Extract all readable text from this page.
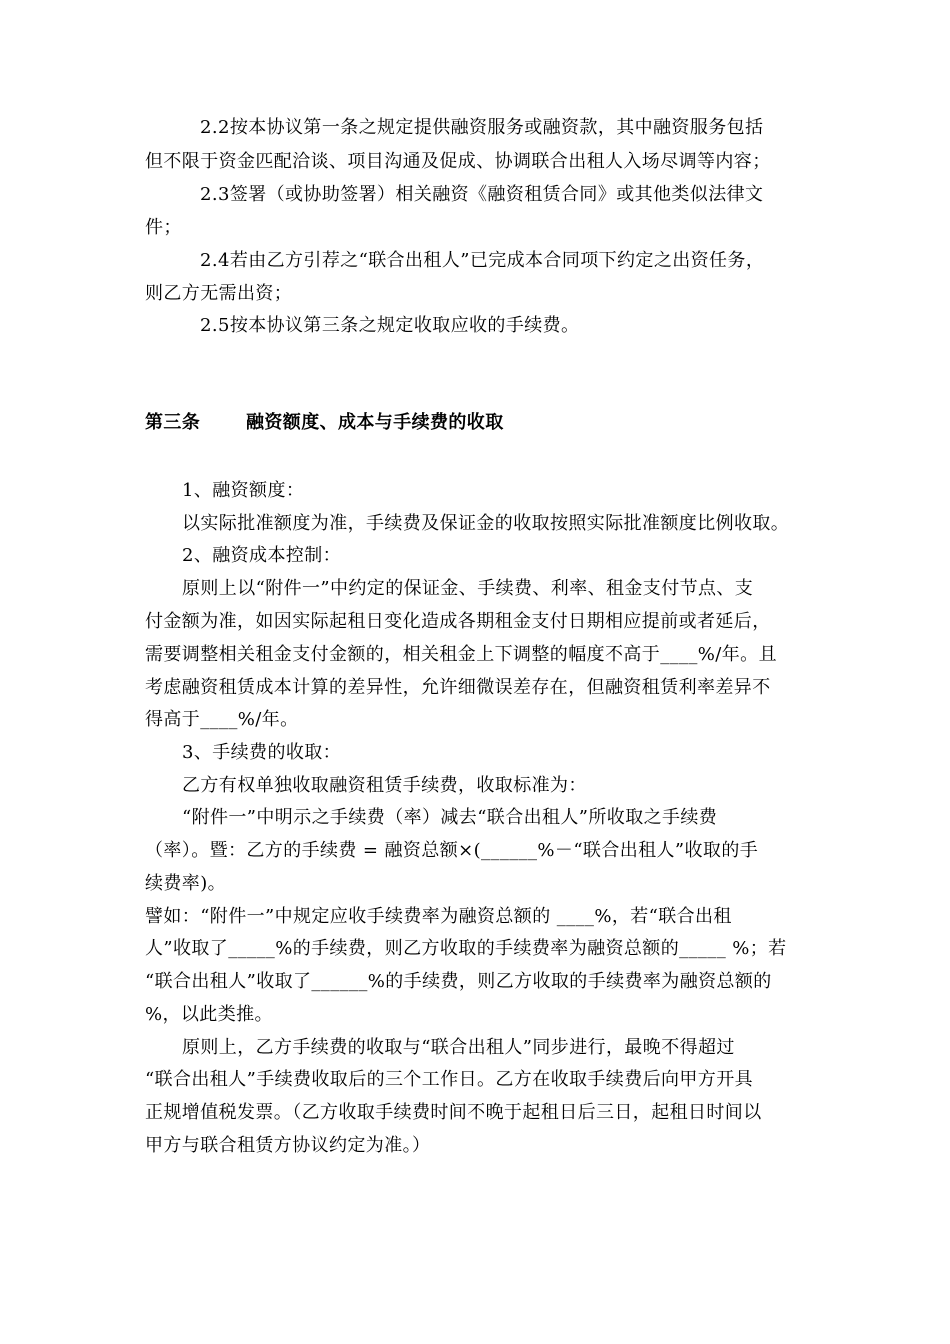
2.2按本协议第一条之规定提供融资服务或融资款，其中融资服务包括
但不限于资金匹配洽谈、项目沟通及促成、协调联合出租人入场尽调等内容；
2.3签署（或协助签署）相关融资《融资租赁合同》或其他类似法律文
件；
2.4若由乙方引荐之“联合出租人”已完成本合同项下约定之出资任务，
则乙方无需出资；
2.5按本协议第三条之规定收取应收的手续费。
第三条	融资额度、成本与手续费的收取
1、融资额度：
以实际批准额度为准，手续费及保证金的收取按照实际批准额度比例收取。
2、融资成本控制：
原则上以“附件一”中约定的保证金、手续费、利率、租金支付节点、支
付金额为准，如因实际起租日变化造成各期租金支付日期相应提前或者延后，
需要调整相关租金支付金额的，相关租金上下调整的幅度不高于____%/年。且
考虑融资租赁成本计算的差异性，允许细微误差存在，但融资租赁利率差异不
得高于____%/年。
3、手续费的收取：
乙方有权单独收取融资租赁手续费，收取标准为：
“附件一”中明示之手续费（率）减去“联合出租人”所收取之手续费
（率）。暨：乙方的手续费 = 融资总额×(______%－“联合出租人”收取的手
续费率)。
譬如：“附件一”中规定应收手续费率为融资总额的 ____%，若“联合出租
人”收取了_____%的手续费，则乙方收取的手续费率为融资总额的_____ %；若
“联合出租人”收取了______%的手续费，则乙方收取的手续费率为融资总额的
%，以此类推。
原则上，乙方手续费的收取与“联合出租人”同步进行，最晚不得超过
“联合出租人”手续费收取后的三个工作日。乙方在收取手续费后向甲方开具
正规增值税发票。（乙方收取手续费时间不晚于起租日后三日，起租日时间以
甲方与联合租赁方协议约定为准。）
